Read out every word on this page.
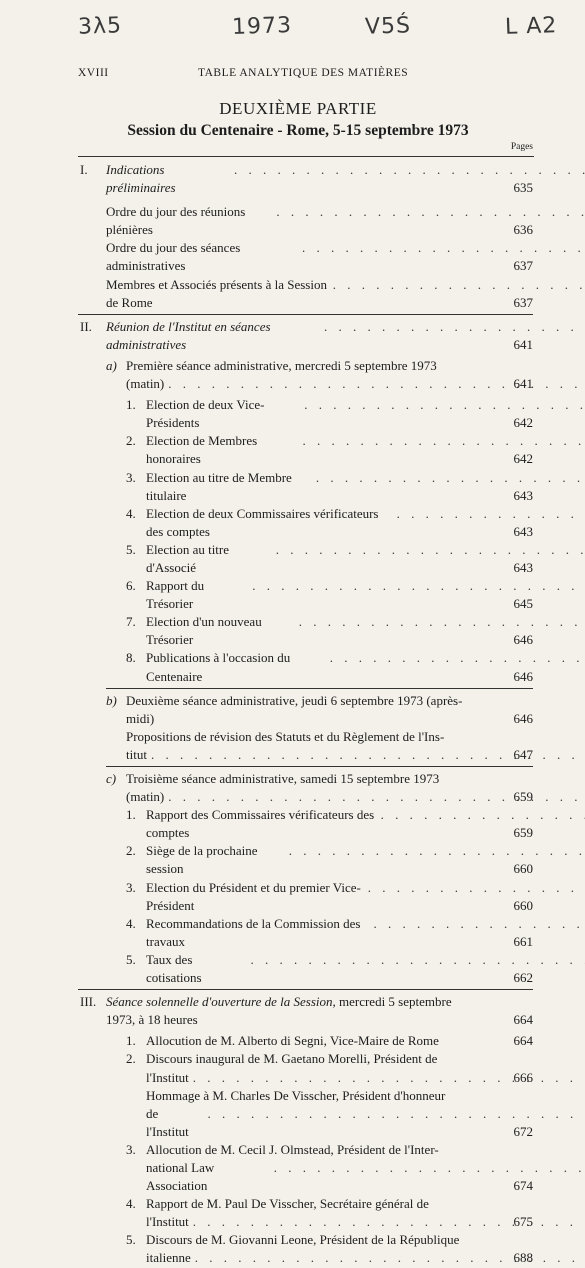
3λ5	1973	V5Ś	L A2
XVIII	TABLE ANALYTIQUE DES MATIÈRES
DEUXIÈME PARTIE
Session du Centenaire - Rome, 5-15 septembre 1973
Pages
I.	Indications préliminaires . . .	635
Ordre du jour des réunions plénières . . .	636
Ordre du jour des séances administratives . . .	637
Membres et Associés présents à la Session de Rome . . .	637
II.	Réunion de l'Institut en séances administratives . . .	641
a) Première séance administrative, mercredi 5 septembre 1973
(matin) . . .	641
1. Election de deux Vice-Présidents . . .	642
2. Election de Membres honoraires . . .	642
3. Election au titre de Membre titulaire . . .	643
4. Election de deux Commissaires vérificateurs des comptes . . .	643
5. Election au titre d'Associé . . .	643
6. Rapport du Trésorier . . .	645
7. Election d'un nouveau Trésorier . . .	646
8. Publications à l'occasion du Centenaire . . .	646
b) Deuxième séance administrative, jeudi 6 septembre 1973 (après-
midi)	646
Propositions de révision des Statuts et du Règlement de l'Ins-
titut . . .	647
c) Troisième séance administrative, samedi 15 septembre 1973
(matin) . . .	659
1. Rapport des Commissaires vérificateurs des comptes . . .	659
2. Siège de la prochaine session . . .	660
3. Election du Président et du premier Vice-Président . . .	660
4. Recommandations de la Commission des travaux . . .	661
5. Taux des cotisations . . .	662
III. Séance solennelle d'ouverture de la Session, mercredi 5 septembre
1973, à 18 heures	664
1. Allocution de M. Alberto di Segni, Vice-Maire de Rome	664
2. Discours inaugural de M. Gaetano Morelli, Président de
l'Institut . . .	666
Hommage à M. Charles De Visscher, Président d'honneur
de l'Institut . . .	672
3. Allocution de M. Cecil J. Olmstead, Président de l'Inter-
national Law Association . . .	674
4. Rapport de M. Paul De Visscher, Secrétaire général de
l'Institut . . .	675
5. Discours de M. Giovanni Leone, Président de la République
italienne . . .	688
